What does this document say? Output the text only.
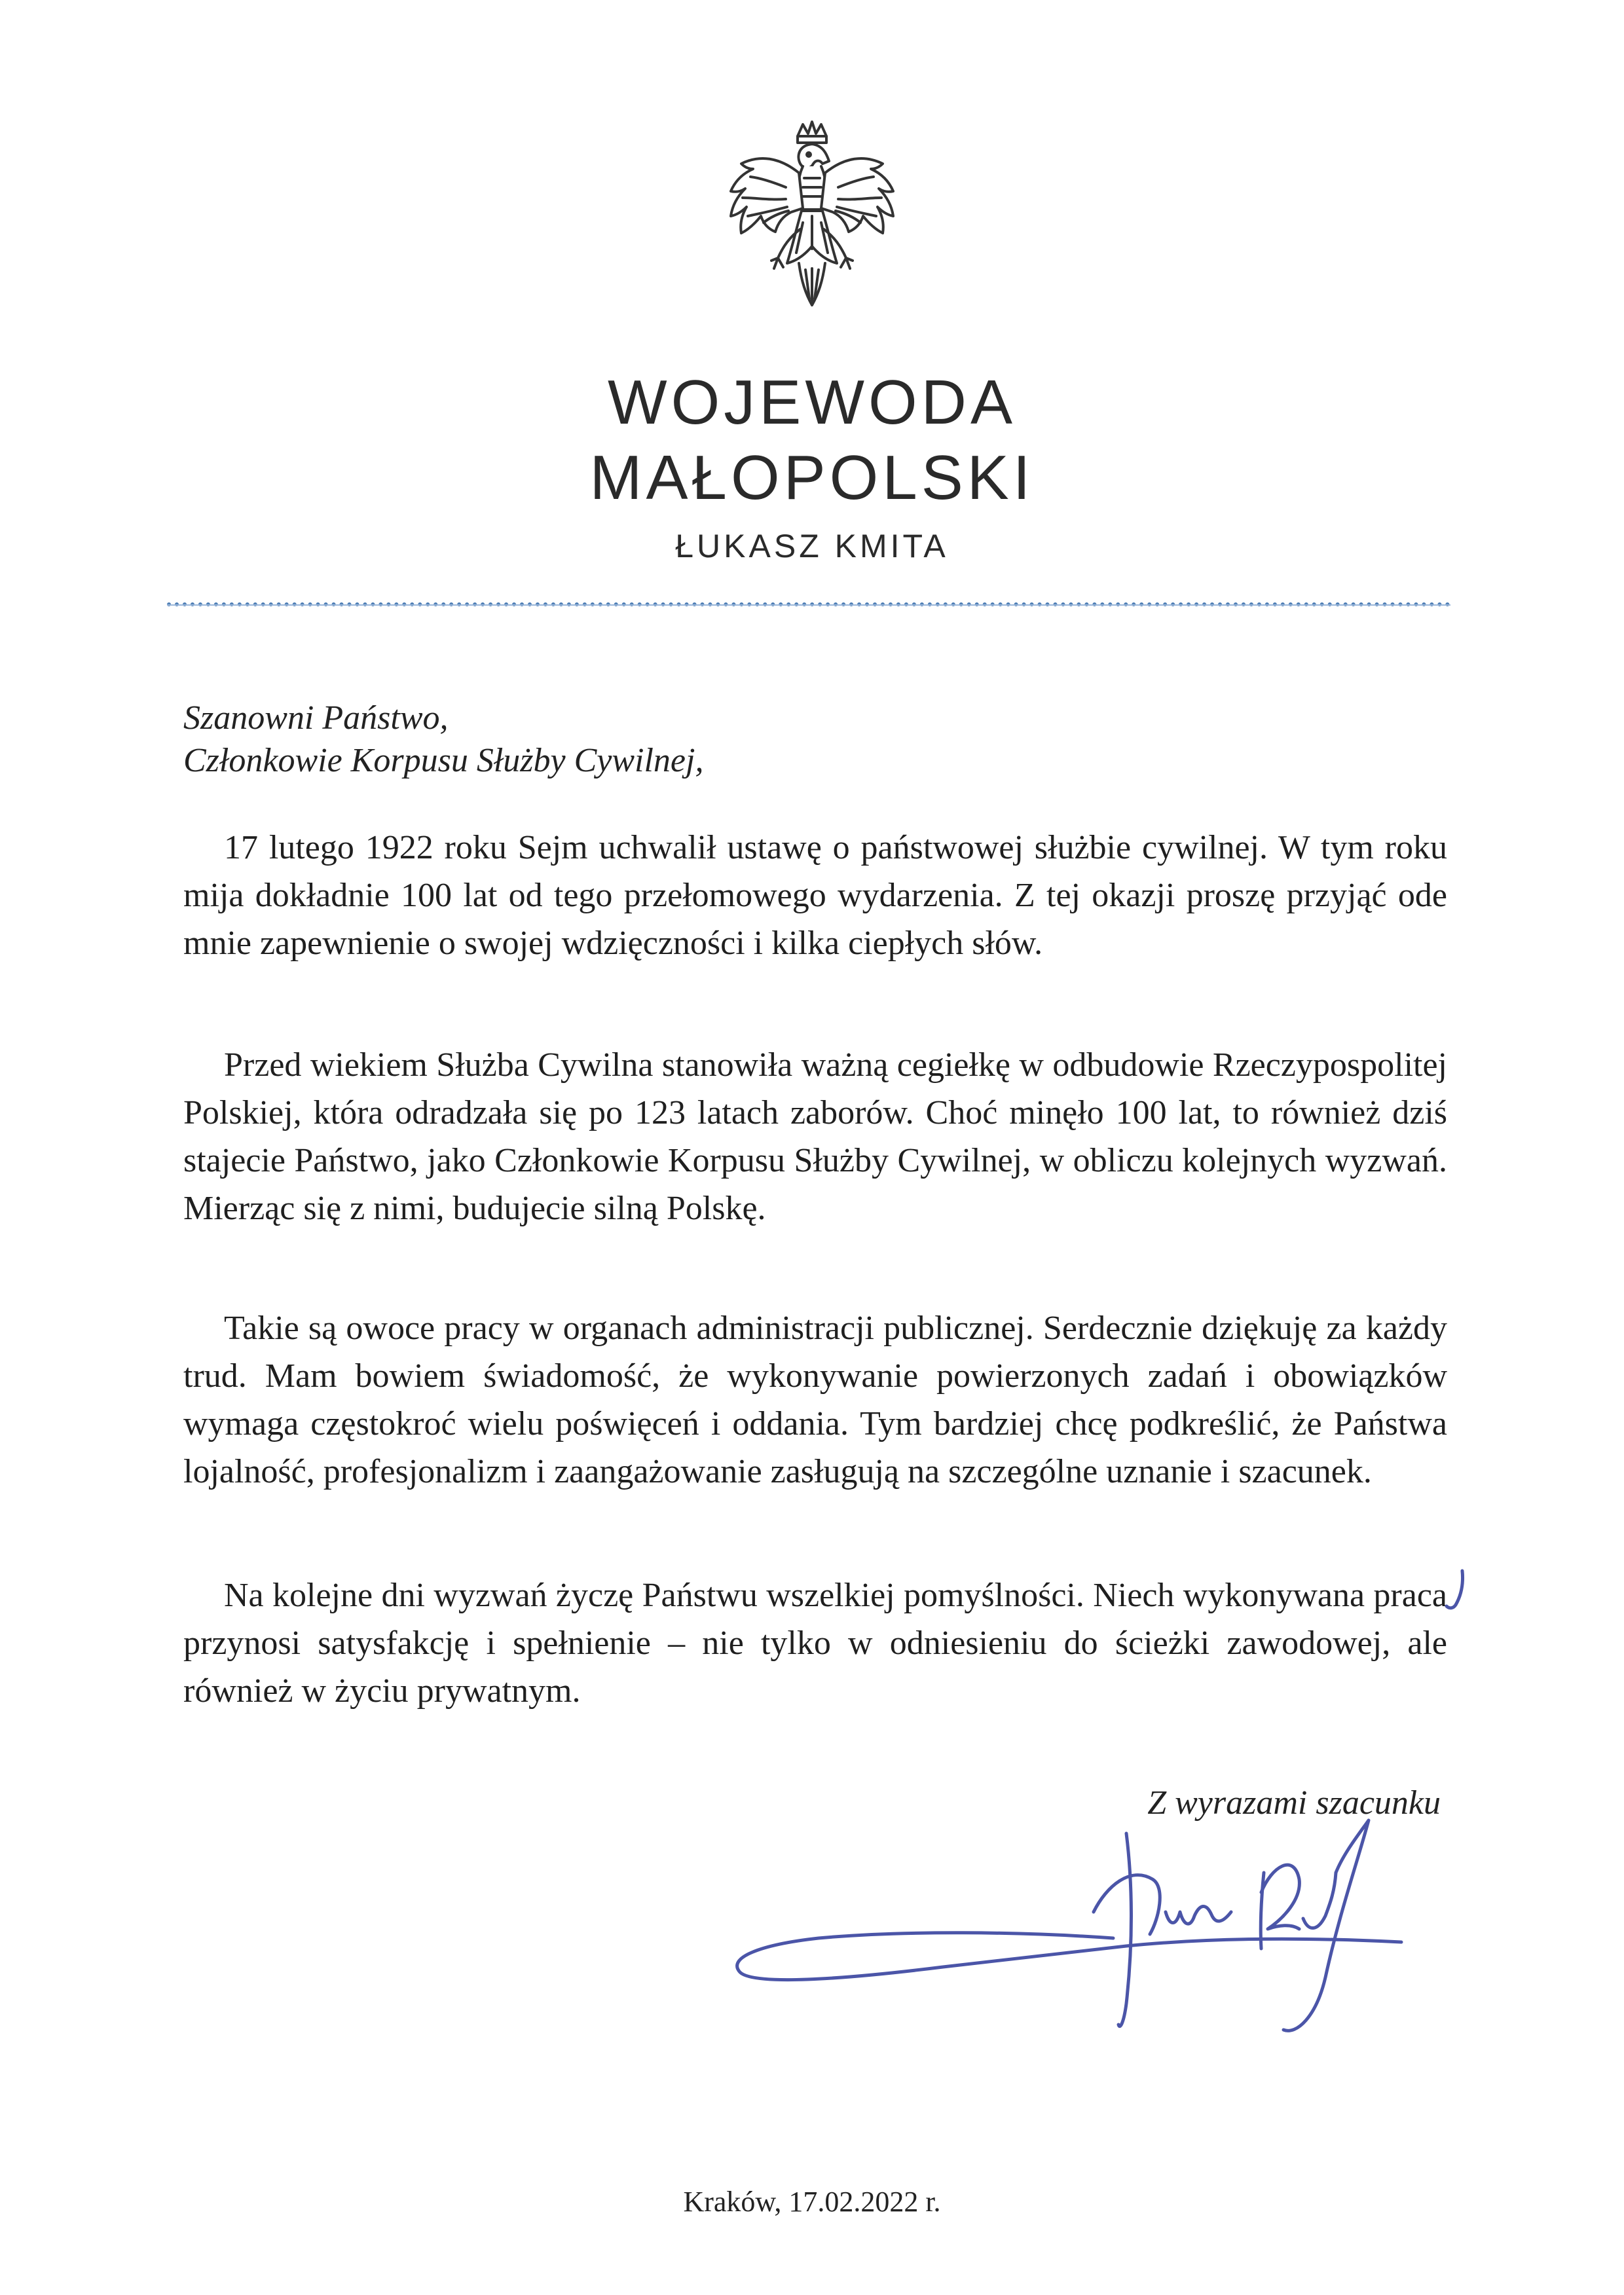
WOJEWODA
MAŁOPOLSKI
ŁUKASZ KMITA
Szanowni Państwo,
Członkowie Korpusu Służby Cywilnej,
17 lutego 1922 roku Sejm uchwalił ustawę o państwowej służbie cywilnej. W tym roku mija dokładnie 100 lat od tego przełomowego wydarzenia. Z tej okazji proszę przyjąć ode mnie zapewnienie o swojej wdzięczności i kilka ciepłych słów.
Przed wiekiem Służba Cywilna stanowiła ważną cegiełkę w odbudowie Rzeczypospolitej Polskiej, która odradzała się po 123 latach zaborów. Choć minęło 100 lat, to również dziś stajecie Państwo, jako Członkowie Korpusu Służby Cywilnej, w obliczu kolejnych wyzwań. Mierząc się z nimi, budujecie silną Polskę.
Takie są owoce pracy w organach administracji publicznej. Serdecznie dziękuję za każdy trud. Mam bowiem świadomość, że wykonywanie powierzonych zadań i obowiązków wymaga częstokroć wielu poświęceń i oddania. Tym bardziej chcę podkreślić, że Państwa lojalność, profesjonalizm i zaangażowanie zasługują na szczególne uznanie i szacunek.
Na kolejne dni wyzwań życzę Państwu wszelkiej pomyślności. Niech wykonywana praca przynosi satysfakcję i spełnienie – nie tylko w odniesieniu do ścieżki zawodowej, ale również w życiu prywatnym.
Z wyrazami szacunku
Kraków, 17.02.2022 r.
